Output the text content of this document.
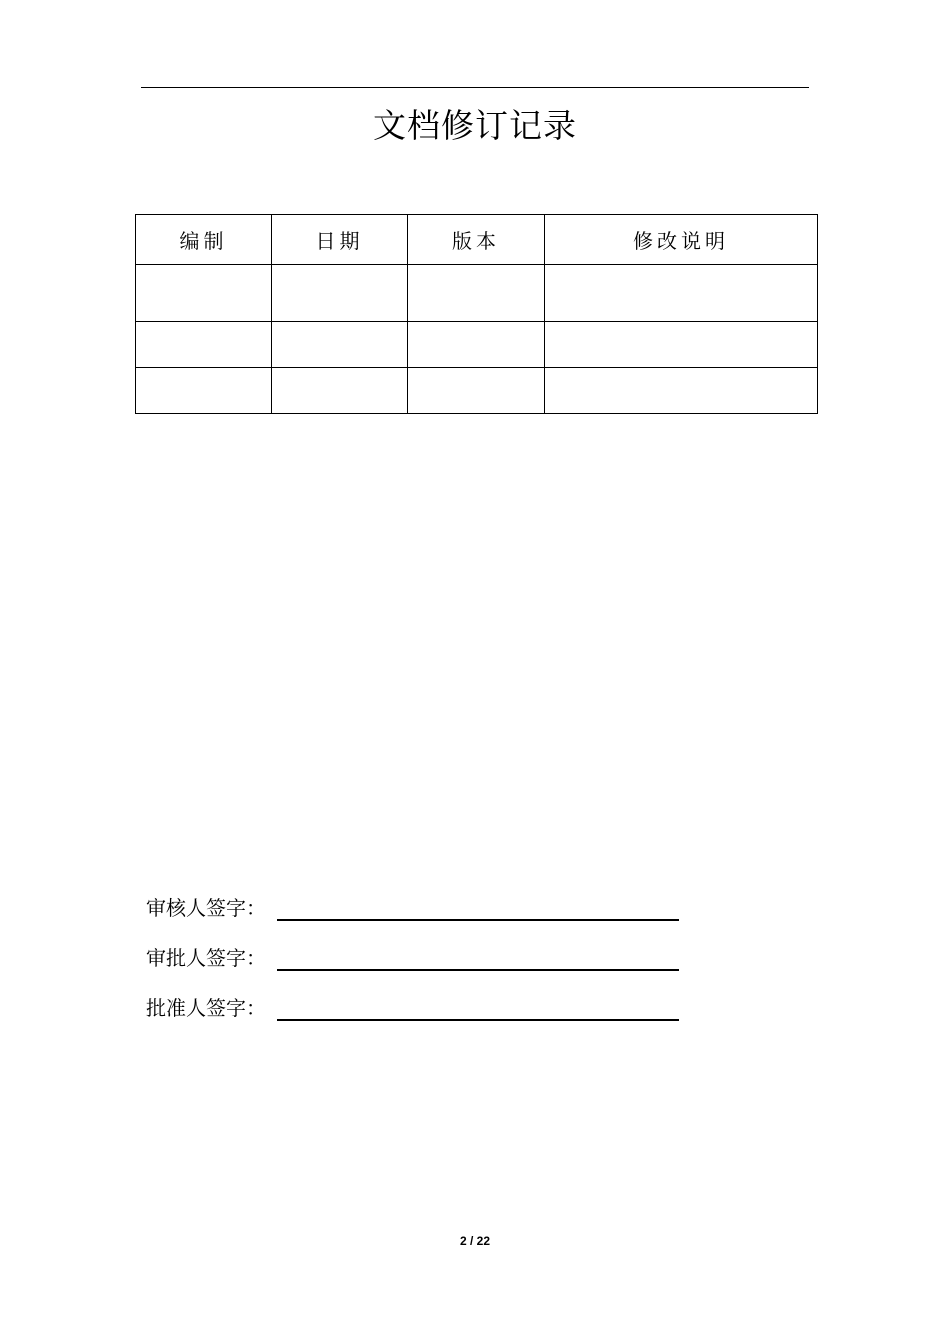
文档修订记录
编制	日期	版本	修改说明

审核人签字：
审批人签字：
批准人签字：
2 / 22
